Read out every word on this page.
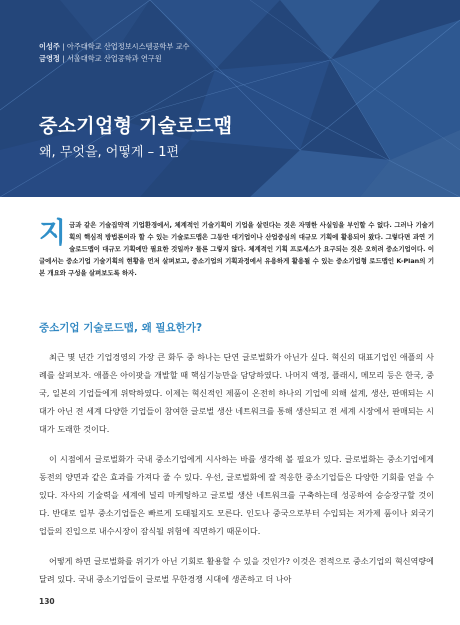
이성주 | 아주대학교 산업정보시스템공학부 교수
금영정 | 서울대학교 산업공학과 연구원
중소기업형 기술로드맵
왜, 무엇을, 어떻게 – 1편
지 금과 같은 기술집약적 기업환경에서, 체계적인 기술기획이 기업을 살린다는 것은 자명한 사실임을 부인할 수 없다. 그러나 기술기획의 핵심적 방법론이라 할 수 있는 기술로드맵은 그동안 대기업이나 산업중심의 대규모 기획에 활용되어 왔다. 그렇다면 과연 기술로드맵이 대규모 기획에만 필요한 것일까? 물론 그렇지 않다. 체계적인 기획 프로세스가 요구되는 것은 오히려 중소기업이다. 이 글에서는 중소기업 기술기획의 현황을 먼저 살펴보고, 중소기업의 기획과정에서 유용하게 활용될 수 있는 중소기업형 로드맵인 K-Plan의 기본 개요와 구성을 살펴보도록 하자.
중소기업 기술로드맵, 왜 필요한가?

최근 몇 년간 기업경영의 가장 큰 화두 중 하나는 단연 글로벌화가 아닌가 싶다. 혁신의 대표기업인 애플의 사례를 살펴보자. 애플은 아이팟을 개발할 때 핵심기능만을 담당하였다. 나머지 액정, 플래시, 메모리 등은 한국, 중국, 일본의 기업들에게 위탁하였다. 이제는 혁신적인 제품이 온전히 하나의 기업에 의해 설계, 생산, 판매되는 시대가 아닌 전 세계 다양한 기업들이 참여한 글로벌 생산 네트워크를 통해 생산되고 전 세계 시장에서 판매되는 시대가 도래한 것이다.

이 시점에서 글로벌화가 국내 중소기업에게 시사하는 바를 생각해 볼 필요가 있다. 글로벌화는 중소기업에게 동전의 양면과 같은 효과를 가져다 줄 수 있다. 우선, 글로벌화에 잘 적응한 중소기업들은 다양한 기회를 얻을 수 있다. 자사의 기술력을 세계에 널리 마케팅하고 글로벌 생산 네트워크를 구축하는데 성공하여 승승장구할 것이다. 반대로 일부 중소기업들은 빠르게 도태될지도 모른다. 인도나 중국으로부터 수입되는 저가제 품이나 외국기업들의 진입으로 내수시장이 잠식될 위험에 직면하기 때문이다.

어떻게 하면 글로벌화를 위기가 아닌 기회로 활용할 수 있을 것인가? 이것은 전적으로 중소기업의 혁신역량에 달려 있다. 국내 중소기업들이 글로벌 무한경쟁 시대에 생존하고 더 나아

130
